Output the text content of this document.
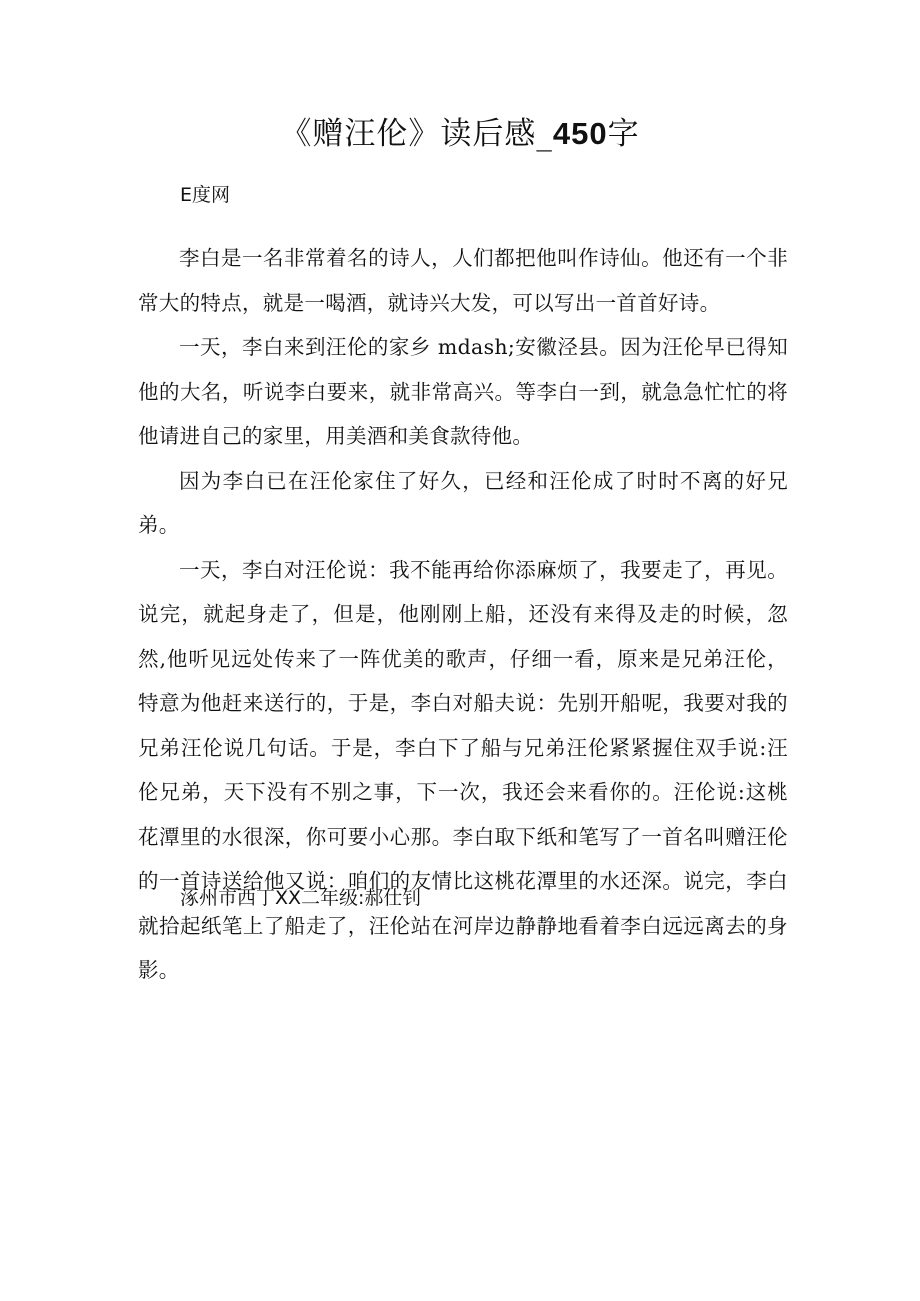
《赠汪伦》读后感_450字

E度网

李白是一名非常着名的诗人，人们都把他叫作诗仙。他还有一个非常大的特点，就是一喝酒，就诗兴大发，可以写出一首首好诗。

一天，李白来到汪伦的家乡 mdash;安徽泾县。因为汪伦早已得知他的大名，听说李白要来，就非常高兴。等李白一到，就急急忙忙的将他请进自己的家里，用美酒和美食款待他。

因为李白已在汪伦家住了好久，已经和汪伦成了时时不离的好兄弟。

一天，李白对汪伦说：我不能再给你添麻烦了，我要走了，再见。说完，就起身走了，但是，他刚刚上船，还没有来得及走的时候，忽然,他听见远处传来了一阵优美的歌声，仔细一看，原来是兄弟汪伦，特意为他赶来送行的，于是，李白对船夫说：先别开船呢，我要对我的兄弟汪伦说几句话。于是，李白下了船与兄弟汪伦紧紧握住双手说:汪伦兄弟，天下没有不别之事，下一次，我还会来看你的。汪伦说:这桃花潭里的水很深，你可要小心那。李白取下纸和笔写了一首名叫赠汪伦的一首诗送给他又说：咱们的友情比这桃花潭里的水还深。说完，李白就拾起纸笔上了船走了，汪伦站在河岸边静静地看着李白远远离去的身影。

涿州市西丁XX二年级:郝仕钊
